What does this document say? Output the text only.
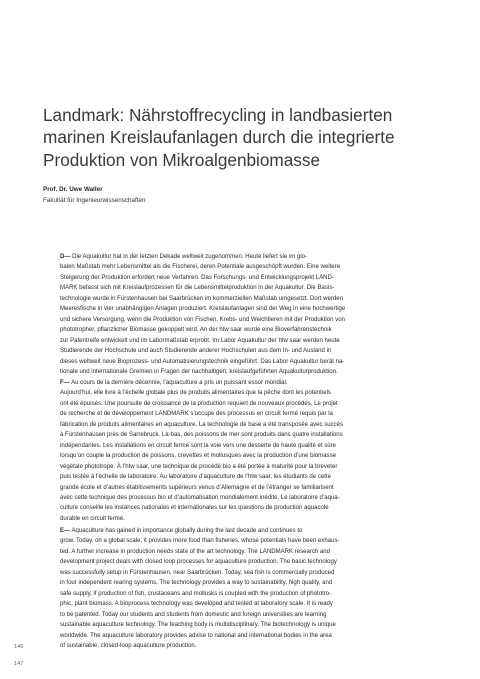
Landmark: Nährstoffrecycling in landbasierten
marinen Kreislaufanlagen durch die integrierte
Produktion von Mikroalgenbiomasse
Prof. Dr. Uwe Waller
Fakultät für Ingenieurwissenschaften
D— Die Aquakultur hat in der letzten Dekade weltweit zugenommen. Heute liefert sie im glo-
balen Maßstab mehr Lebensmittel als die Fischerei, deren Potentiale ausgeschöpft wurden. Eine weitere
Steigerung der Produktion erfordert neue Verfahren. Das Forschungs- und Entwicklungsprojekt LAND-
MARK befasst sich mit Kreislaufprozessen für die Lebensmittelproduktion in der Aquakultur. Die Basis-
technologie wurde in Fürstenhausen bei Saarbrücken im kommerziellen Maßstab umgesetzt. Dort werden
Meeresfische in vier unabhängigen Anlagen produziert. Kreislaufanlagen sind der Weg in eine hochwertige
und sichere Versorgung, wenn die Produktion von Fischen, Krebs- und Weichtieren mit der Produktion von
phototropher, pflanzlicher Biomasse gekoppelt wird. An der htw saar wurde eine Bioverfahrenstechnik
zur Patentreife entwickelt und im Labormaßstab erprobt. Im Labor Aquakultur der htw saar werden heute
Studierende der Hochschule und auch Studierende anderer Hochschulen aus dem In- und Ausland in
dieses weltweit neue Bioprozess- und Automatisierungstechnik eingeführt. Das Labor Aquakultur berät na-
tionale und internationale Gremien in Fragen der nachhaltigen, kreislaufgeführten Aquakulturproduktion.
F— Au cours de la dernière décennie, l’aquaculture a pris un puissant essor mondial.
Aujourd’hui, elle livre à l’échelle globale plus de produits alimentaires que la pêche dont les potentiels
ont été épuisés. Une poursuite de croissance de la production requiert de nouveaux procédés. Le projet
de recherche et de développement LANDMARK s’occupe des processus en circuit fermé requis par la
fabrication de produits alimentaires en aquaculture. La technologie de base a été transposée avec succès
à Fürstenhausen près de Sarrebruck. Là-bas, des poissons de mer sont produits dans quatre installations
indépendantes. Les installations en circuit fermé sont la voie vers une desserte de haute qualité et sûre
lorsqu’on couple la production de poissons, crevettes et mollusques avec la production d’une biomasse
végétale phototrope. À l’htw saar, une technique de procédé bio a été portée à maturité pour la breveter
puis testée à l’échelle de laboratoire. Au laboratoire d’aquaculture de l’htw saar, les étudiants de cette
grande école et d’autres établissements supérieurs venus d’Allemagne et de l’étranger se familiarisent
avec cette technique des processus bio et d’automatisation mondialement inédite. Le laboratoire d’aqua-
culture conseille les instances nationales et internationales sur les questions de production aquacole
durable en circuit fermé.
E— Aquaculture has gained in importance globally during the last decade and continues to
grow. Today, on a global scale, it provides more food than fisheries, whose potentials have been exhaus-
ted. A further increase in production needs state of the art technology. The LANDMARK research and
development project deals with closed loop processes for aquaculture production. The basic technology
was successfully setup in Fürstenhausen, near Saarbrücken. Today, sea fish is commercially produced
in four independent rearing systems. The technology provides a way to sustainability, high quality, and
safe supply, if production of fish, crustaceans and mollusks is coupled with the production of phototro-
phic, plant biomass. A bioprocess technology was developed and tested at laboratory scale. It is ready
to be patented. Today our students and students from domestic and foreign universities are learning
sustainable aquaculture technology. The teaching body is multidisciplinary. The biotechnology is unique
worldwide. The aquaculture laboratory provides advise to national and international bodies in the area
of sustainable, closed-loop aquaculture production.
146
147
